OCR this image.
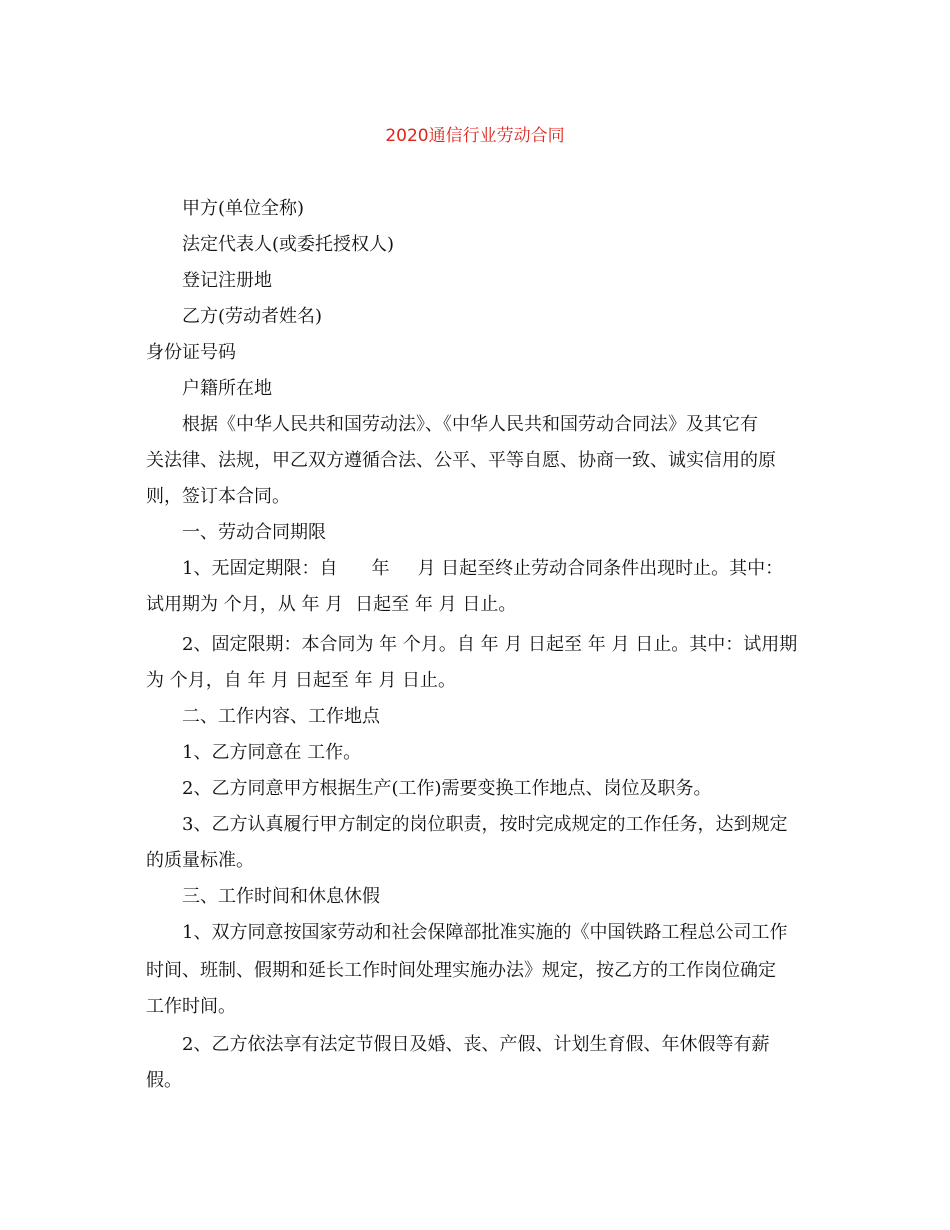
2020通信行业劳动合同
甲方(单位全称)
法定代表人(或委托授权人)
登记注册地
乙方(劳动者姓名)
身份证号码
户籍所在地
根据《中华人民共和国劳动法》、《中华人民共和国劳动合同法》及其它有
关法律、法规，甲乙双方遵循合法、公平、平等自愿、协商一致、诚实信用的原
则，签订本合同。
一、劳动合同期限
1、无固定期限：自 年 月 日起至终止劳动合同条件出现时止。其中：
试用期为 个月，从 年 月 日起至 年 月 日止。
2、固定限期：本合同为 年 个月。自 年 月 日起至 年 月 日止。其中：试用期
为 个月，自 年 月 日起至 年 月 日止。
二、工作内容、工作地点
1、乙方同意在 工作。
2、乙方同意甲方根据生产(工作)需要变换工作地点、岗位及职务。
3、乙方认真履行甲方制定的岗位职责，按时完成规定的工作任务，达到规定
的质量标准。
三、工作时间和休息休假
1、双方同意按国家劳动和社会保障部批准实施的《中国铁路工程总公司工作
时间、班制、假期和延长工作时间处理实施办法》规定，按乙方的工作岗位确定
工作时间。
2、乙方依法享有法定节假日及婚、丧、产假、计划生育假、年休假等有薪
假。
